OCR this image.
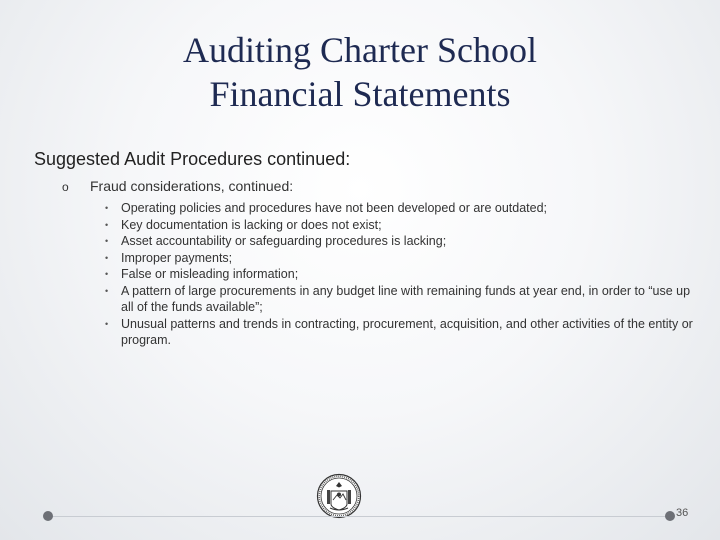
Auditing Charter School
Financial Statements
Suggested Audit Procedures continued:
o Fraud considerations, continued:
• Operating policies and procedures have not been developed or are outdated;
• Key documentation is lacking or does not exist;
• Asset accountability or safeguarding procedures is lacking;
• Improper payments;
• False or misleading information;
• A pattern of large procurements in any budget line with remaining funds at year end, in order to “use up all of the funds available”;
• Unusual patterns and trends in contracting, procurement, acquisition, and other activities of the entity or program.
36
